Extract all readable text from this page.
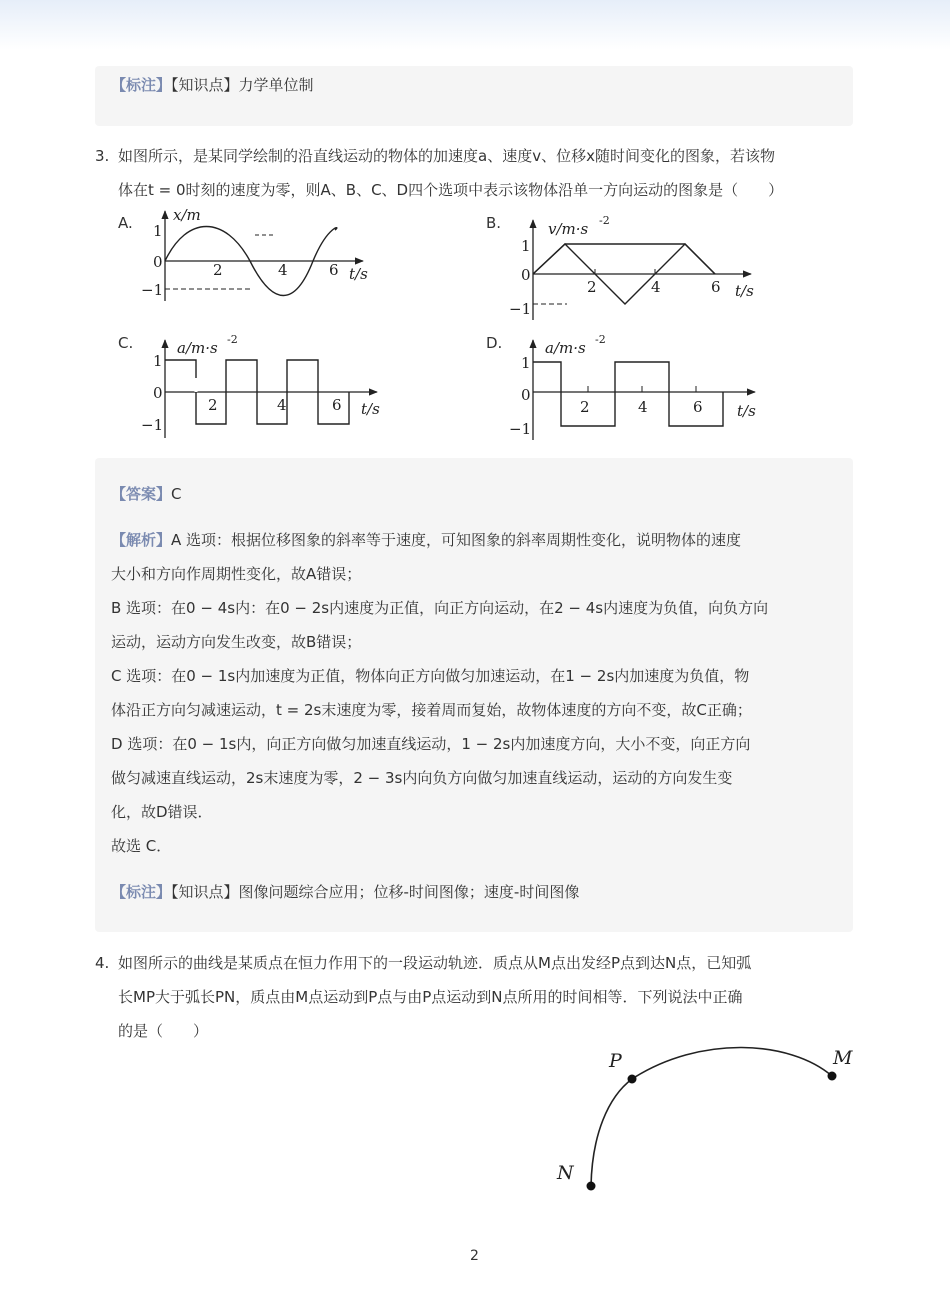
【标注】【知识点】力学单位制
3. 如图所示，是某同学绘制的沿直线运动的物体的加速度a、速度v、位移x随时间变化的图象，若该物
体在t = 0时刻的速度为零，则A、B、C、D四个选项中表示该物体沿单一方向运动的图象是（　　）
A.	B.
C.	D.
x/m
1
0
−1
2	4	6 t/s
v/m·s -2
1
0
−1
2	4	6 t/s
a/m·s -2
1
0
−1
2	4	6 t/s
a/m·s -2
1
0
−1
2	4	6 t/s
【答案】C
【解析】A 选项：根据位移图象的斜率等于速度，可知图象的斜率周期性变化，说明物体的速度
大小和方向作周期性变化，故A错误；
B 选项：在0 − 4s内：在0 − 2s内速度为正值，向正方向运动，在2 − 4s内速度为负值，向负方向
运动，运动方向发生改变，故B错误；
C 选项：在0 − 1s内加速度为正值，物体向正方向做匀加速运动，在1 − 2s内加速度为负值，物
体沿正方向匀减速运动，t = 2s末速度为零，接着周而复始，故物体速度的方向不变，故C正确；
D 选项：在0 − 1s内，向正方向做匀加速直线运动，1 − 2s内加速度方向，大小不变，向正方向
做匀减速直线运动，2s末速度为零，2 − 3s内向负方向做匀加速直线运动，运动的方向发生变
化，故D错误．
故选 C．
【标注】【知识点】图像问题综合应用；位移-时间图像；速度-时间图像
4. 如图所示的曲线是某质点在恒力作用下的一段运动轨迹．质点从M点出发经P点到达N点，已知弧
长MP大于弧长PN，质点由M点运动到P点与由P点运动到N点所用的时间相等．下列说法中正确
的是（　　）
P	M
N
2
